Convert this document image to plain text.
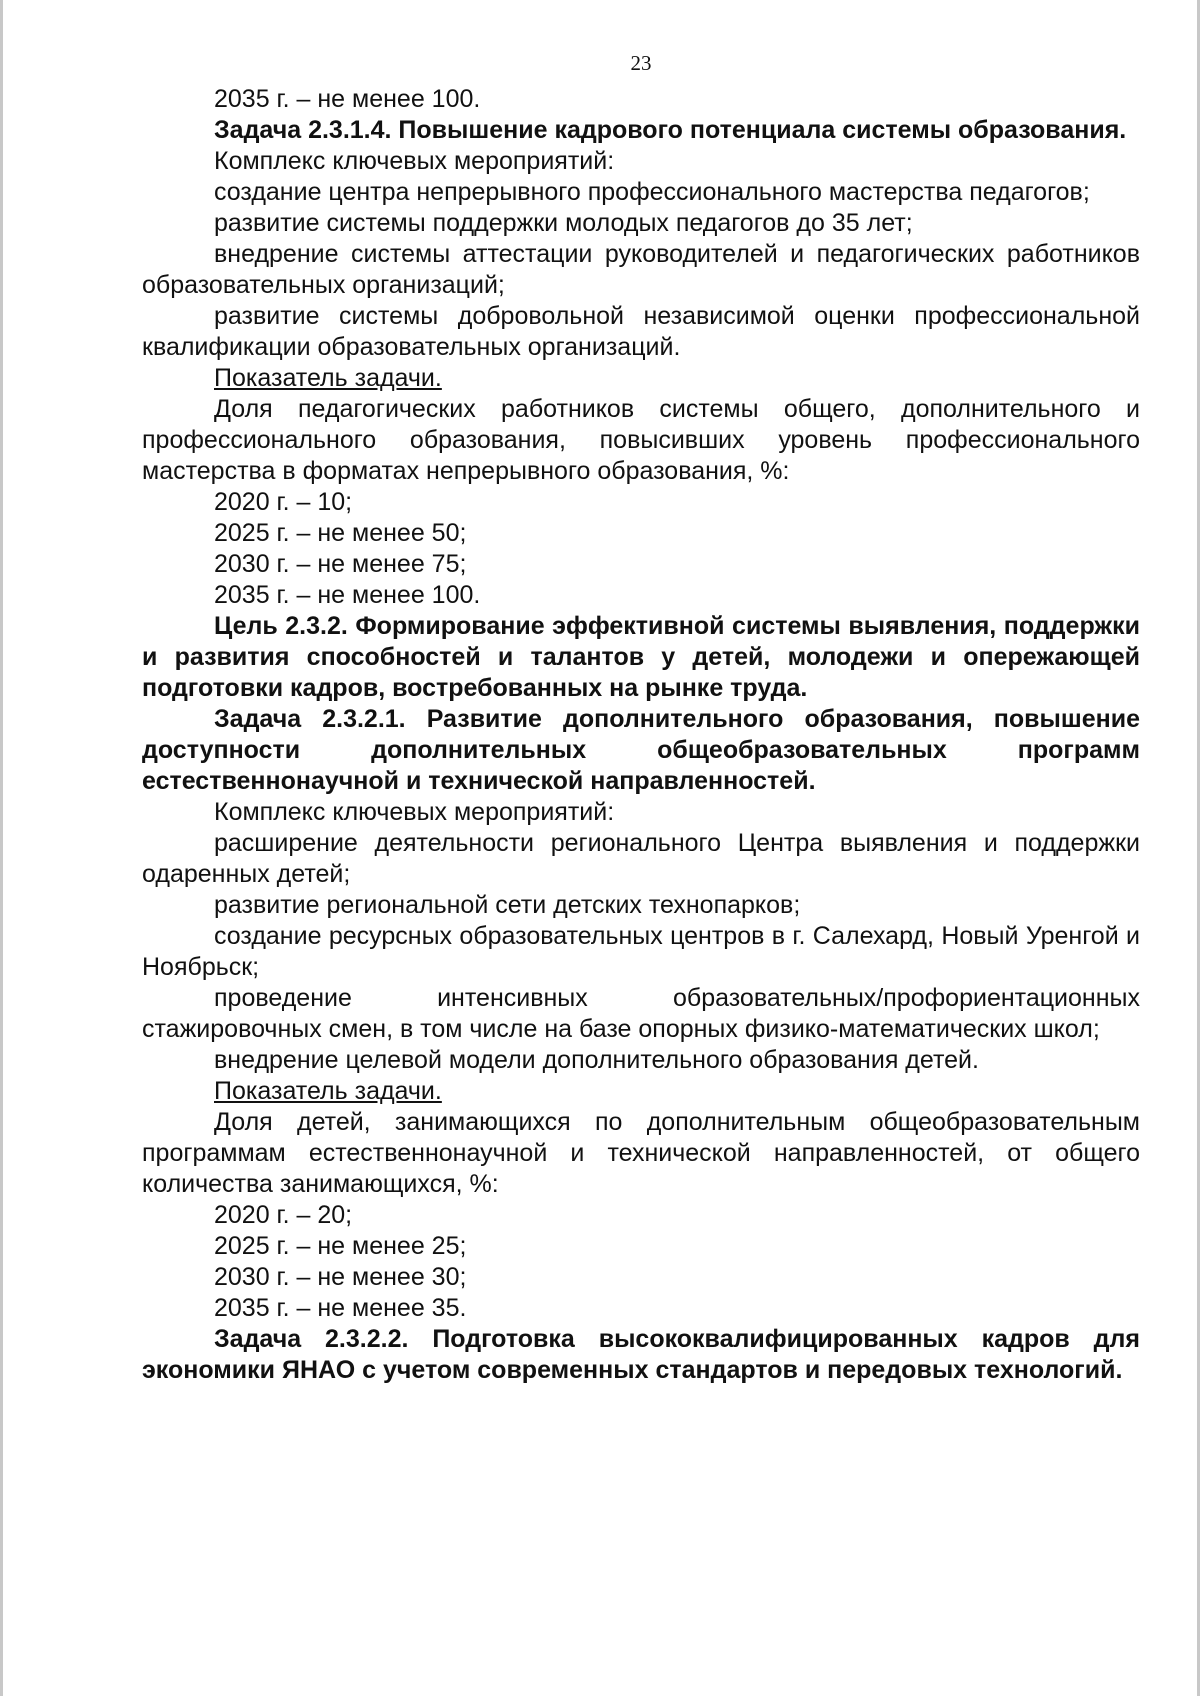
23

2035 г. – не менее 100.

Задача 2.3.1.4. Повышение кадрового потенциала системы образования.

Комплекс ключевых мероприятий:

создание центра непрерывного профессионального мастерства педагогов;

развитие системы поддержки молодых педагогов до 35 лет;

внедрение системы аттестации руководителей и педагогических работников образовательных организаций;

развитие системы добровольной независимой оценки профессиональной квалификации образовательных организаций.

Показатель задачи.

Доля педагогических работников системы общего, дополнительного и профессионального образования, повысивших уровень профессионального мастерства в форматах непрерывного образования, %:

2020 г. – 10;

2025 г. – не менее 50;

2030 г. – не менее 75;

2035 г. – не менее 100.

Цель 2.3.2. Формирование эффективной системы выявления, поддержки и развития способностей и талантов у детей, молодежи и опережающей подготовки кадров, востребованных на рынке труда.

Задача 2.3.2.1. Развитие дополнительного образования, повышение доступности дополнительных общеобразовательных программ естественнонаучной и технической направленностей.

Комплекс ключевых мероприятий:

расширение деятельности регионального Центра выявления и поддержки одаренных детей;

развитие региональной сети детских технопарков;

создание ресурсных образовательных центров в г. Салехард, Новый Уренгой и Ноябрьск;

проведение интенсивных образовательных/профориентационных стажировочных смен, в том числе на базе опорных физико-математических школ;

внедрение целевой модели дополнительного образования детей.

Показатель задачи.

Доля детей, занимающихся по дополнительным общеобразовательным программам естественнонаучной и технической направленностей, от общего количества занимающихся, %:

2020 г. – 20;

2025 г. – не менее 25;

2030 г. – не менее 30;

2035 г. – не менее 35.

Задача 2.3.2.2. Подготовка высококвалифицированных кадров для экономики ЯНАО с учетом современных стандартов и передовых технологий.
